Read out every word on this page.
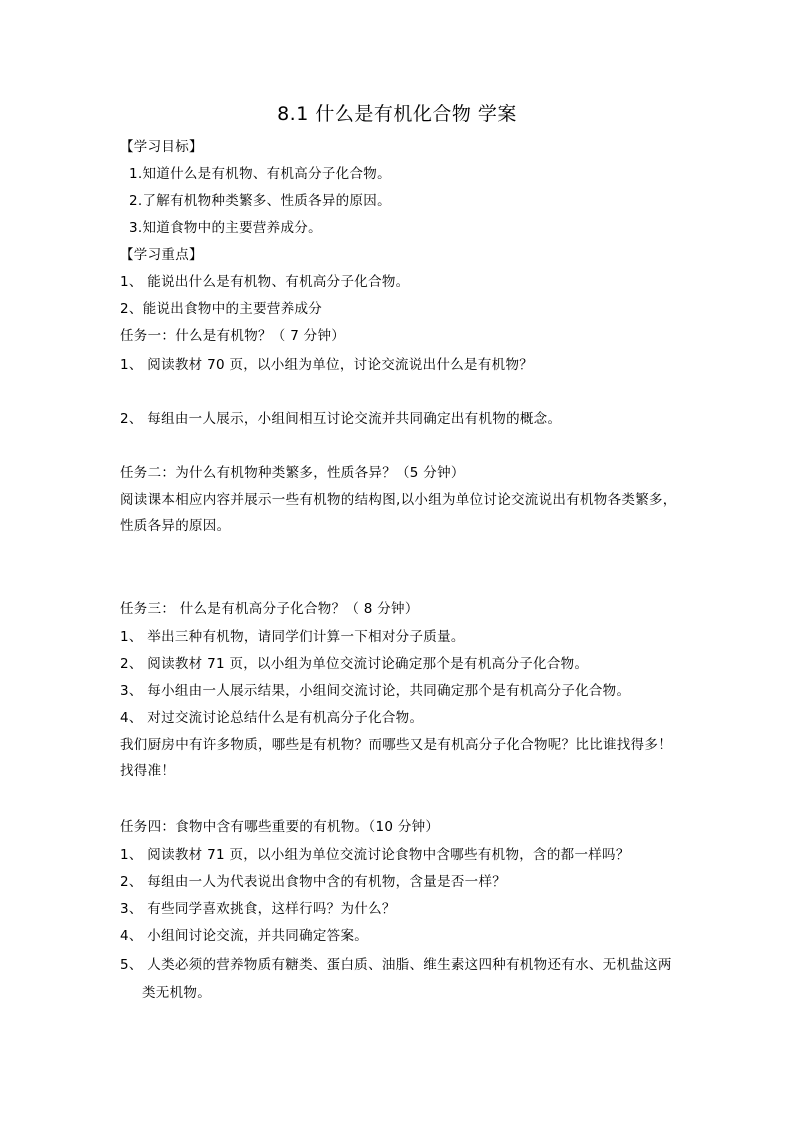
8.1 什么是有机化合物 学案
【学习目标】
1.知道什么是有机物、有机高分子化合物。
2.了解有机物种类繁多、性质各异的原因。
3.知道食物中的主要营养成分。
【学习重点】
1、 能说出什么是有机物、有机高分子化合物。
2、能说出食物中的主要营养成分
任务一：什么是有机物？（ 7 分钟）
1、 阅读教材 70 页，以小组为单位，讨论交流说出什么是有机物？
2、 每组由一人展示，小组间相互讨论交流并共同确定出有机物的概念。
任务二：为什么有机物种类繁多，性质各异？（5 分钟）
阅读课本相应内容并展示一些有机物的结构图,以小组为单位讨论交流说出有机物各类繁多，性质各异的原因。
任务三： 什么是有机高分子化合物？（ 8 分钟）
1、 举出三种有机物，请同学们计算一下相对分子质量。
2、 阅读教材 71 页，以小组为单位交流讨论确定那个是有机高分子化合物。
3、 每小组由一人展示结果，小组间交流讨论，共同确定那个是有机高分子化合物。
4、 对过交流讨论总结什么是有机高分子化合物。
我们厨房中有许多物质，哪些是有机物？而哪些又是有机高分子化合物呢？比比谁找得多！找得准！
任务四：食物中含有哪些重要的有机物。（10 分钟）
1、 阅读教材 71 页，以小组为单位交流讨论食物中含哪些有机物，含的都一样吗？
2、 每组由一人为代表说出食物中含的有机物，含量是否一样？
3、 有些同学喜欢挑食，这样行吗？为什么？
4、 小组间讨论交流，并共同确定答案。
5、 人类必须的营养物质有糖类、蛋白质、油脂、维生素这四种有机物还有水、无机盐这两
类无机物。
